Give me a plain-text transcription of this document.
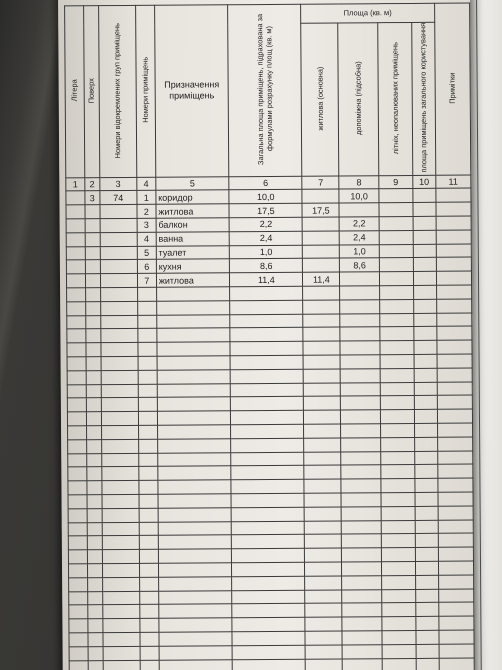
Літера	Поверх	Номери відокремлених груп приміщень	Номери приміщень	Призначення приміщень	Загальна площа приміщень, підрахована за формулами розрахунку площ (кв. м)	Площа (кв. м)				Примітки
						житлова (основна)	допоміжна (підсобна)	літніх, неопалюваних приміщень	площа приміщень загального користування	
1	2	3	4	5	6	7	8	9	10	11
	3	74	1	коридор	10,0		10,0			
			2	житлова	17,5	17,5				
			3	балкон	2,2		2,2			
			4	ванна	2,4		2,4			
			5	туалет	1,0		1,0			
			6	кухня	8,6		8,6			
			7	житлова	11,4	11,4				
